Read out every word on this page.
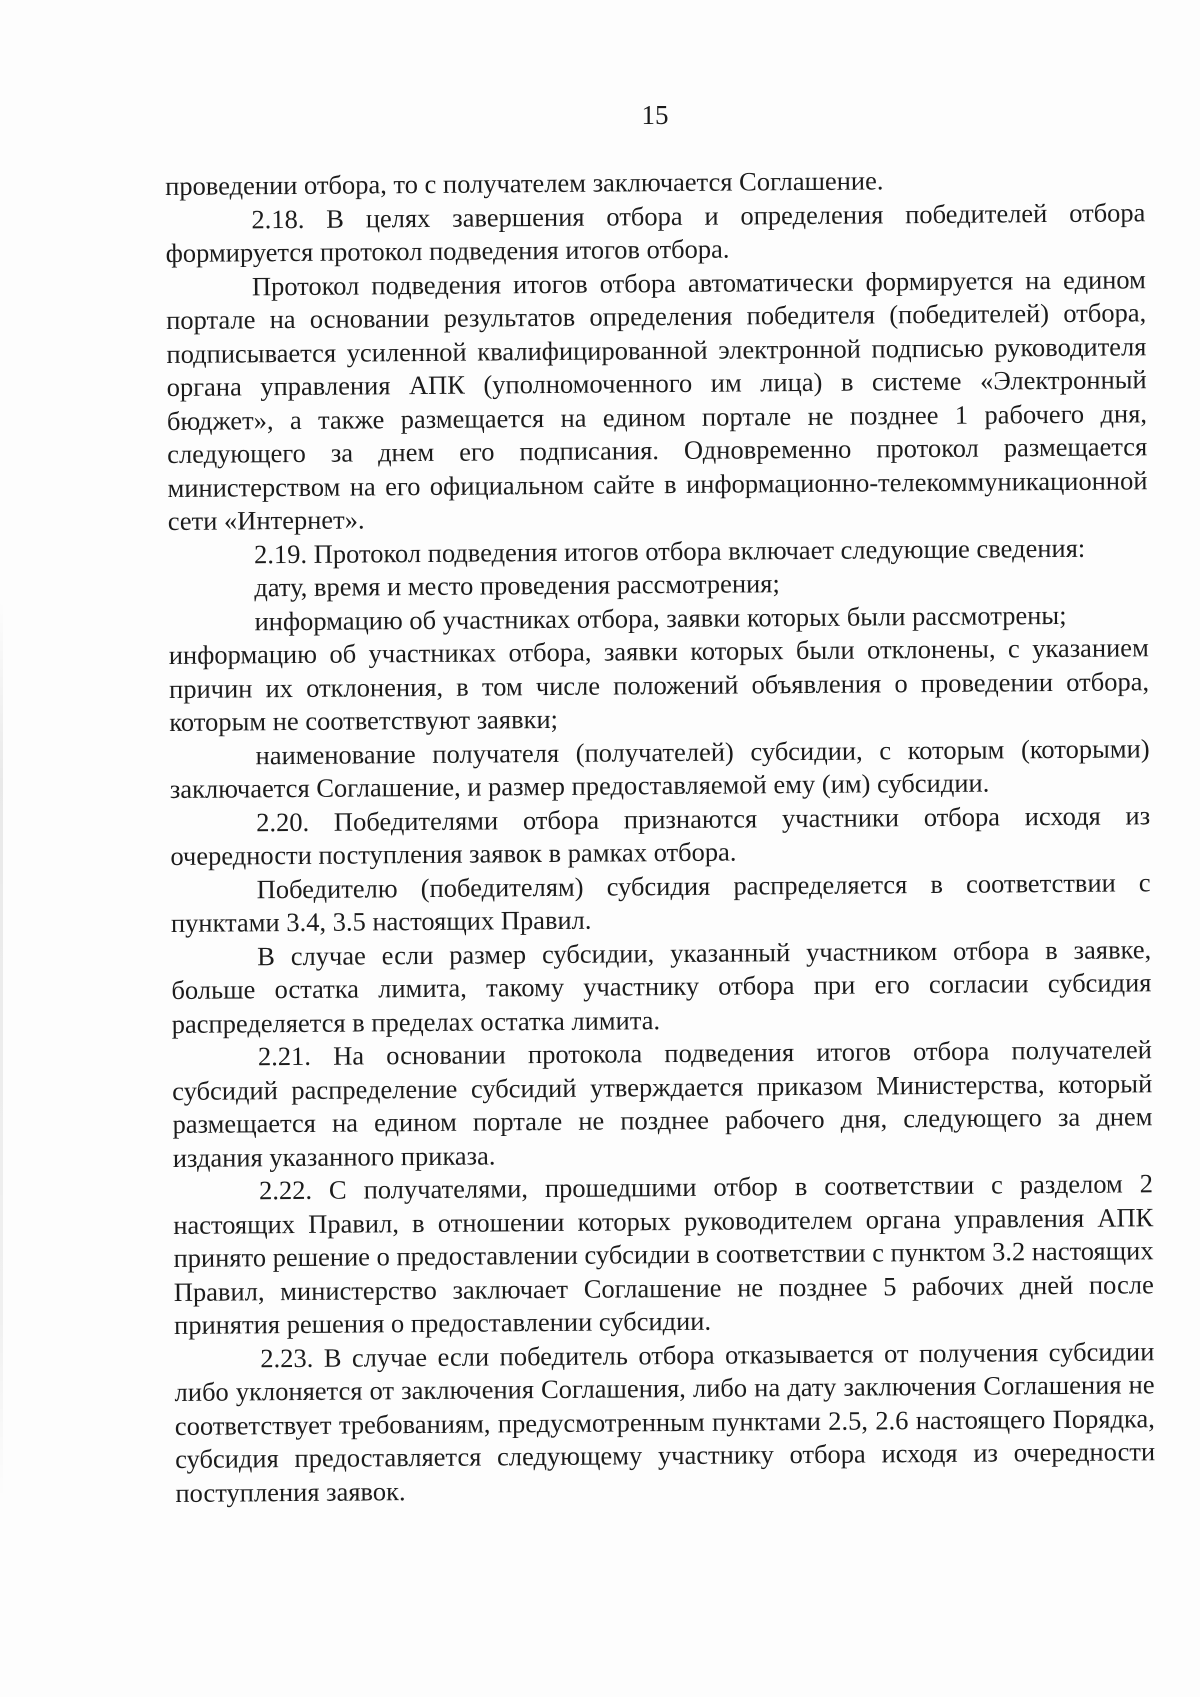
15

проведении отбора, то с получателем заключается Соглашение.

2.18. В целях завершения отбора и определения победителей отбора формируется протокол подведения итогов отбора.

Протокол подведения итогов отбора автоматически формируется на едином портале на основании результатов определения победителя (победителей) отбора, подписывается усиленной квалифицированной электронной подписью руководителя органа управления АПК (уполномоченного им лица) в системе «Электронный бюджет», а также размещается на едином портале не позднее 1 рабочего дня, следующего за днем его подписания. Одновременно протокол размещается министерством на его официальном сайте в информационно-телекоммуникационной сети «Интернет».

2.19. Протокол подведения итогов отбора включает следующие сведения:

дату, время и место проведения рассмотрения;

информацию об участниках отбора, заявки которых были рассмотрены;

информацию об участниках отбора, заявки которых были отклонены, с указанием причин их отклонения, в том числе положений объявления о проведении отбора, которым не соответствуют заявки;

наименование получателя (получателей) субсидии, с которым (которыми) заключается Соглашение, и размер предоставляемой ему (им) субсидии.

2.20. Победителями отбора признаются участники отбора исходя из очередности поступления заявок в рамках отбора.

Победителю (победителям) субсидия распределяется в соответствии с пунктами 3.4, 3.5 настоящих Правил.

В случае если размер субсидии, указанный участником отбора в заявке, больше остатка лимита, такому участнику отбора при его согласии субсидия распределяется в пределах остатка лимита.

2.21. На основании протокола подведения итогов отбора получателей субсидий распределение субсидий утверждается приказом Министерства, который размещается на едином портале не позднее рабочего дня, следующего за днем издания указанного приказа.

2.22. С получателями, прошедшими отбор в соответствии с разделом 2 настоящих Правил, в отношении которых руководителем органа управления АПК принято решение о предоставлении субсидии в соответствии с пунктом 3.2 настоящих Правил, министерство заключает Соглашение не позднее 5 рабочих дней после принятия решения о предоставлении субсидии.

2.23. В случае если победитель отбора отказывается от получения субсидии либо уклоняется от заключения Соглашения, либо на дату заключения Соглашения не соответствует требованиям, предусмотренным пунктами 2.5, 2.6 настоящего Порядка, субсидия предоставляется следующему участнику отбора исходя из очередности поступления заявок.
